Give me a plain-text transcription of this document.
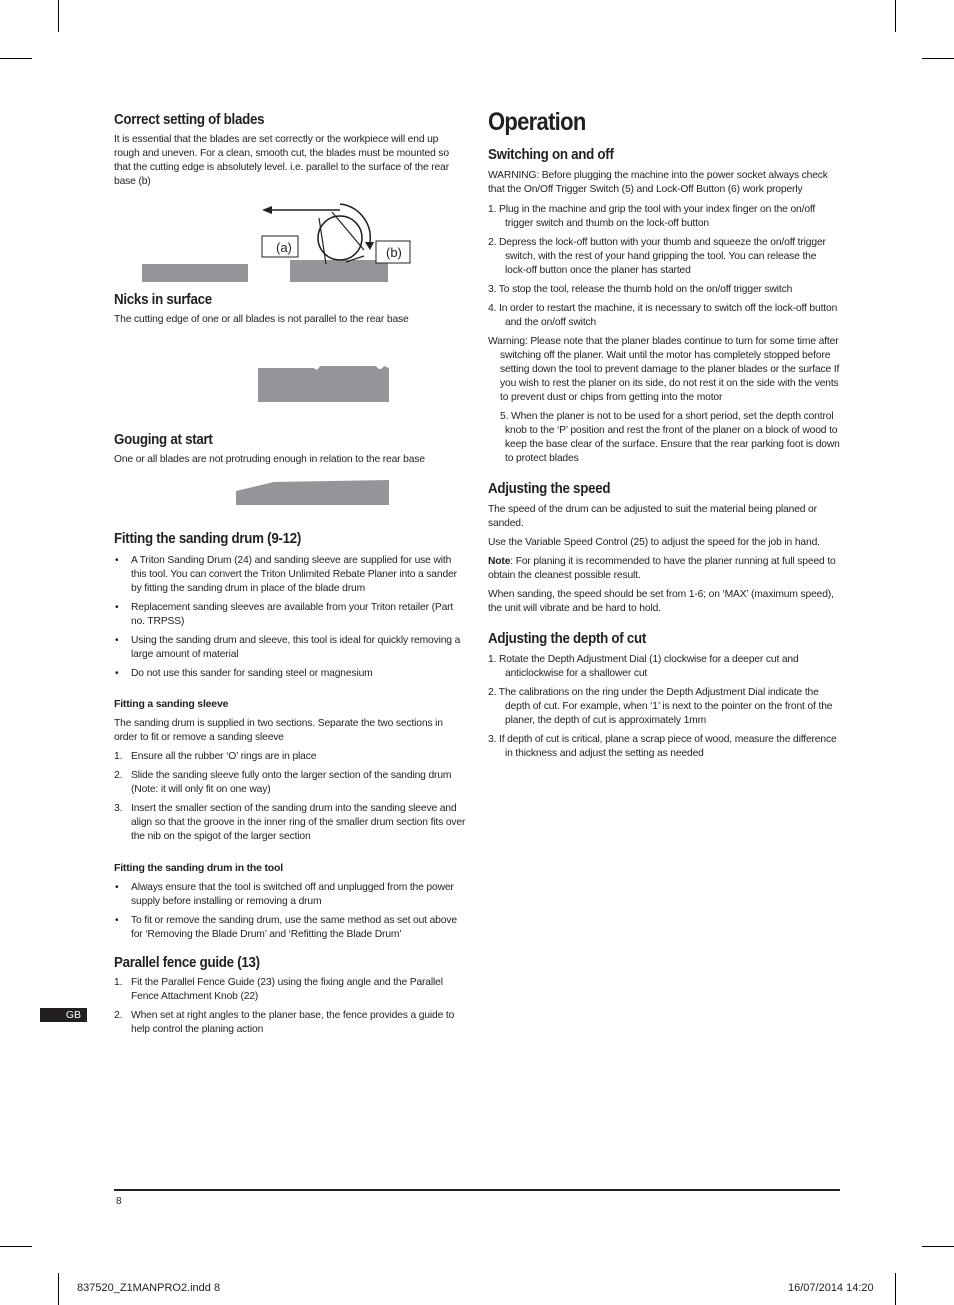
Correct setting of blades

It is essential that the blades are set correctly or the workpiece will end up rough and uneven. For a clean, smooth cut, the blades must be mounted so that the cutting edge is absolutely level. i.e. parallel to the surface of the rear base (b)

(a)	(b)
Nicks in surface

The cutting edge of one or all blades is not parallel to the rear base

Gouging at start

One or all blades are not protruding enough in relation to the rear base

Fitting the sanding drum (9-12)
• A Triton Sanding Drum (24) and sanding sleeve are supplied for use with this tool. You can convert the Triton Unlimited Rebate Planer into a sander by fitting the sanding drum in place of the blade drum
• Replacement sanding sleeves are available from your Triton retailer (Part no. TRPSS)
• Using the sanding drum and sleeve, this tool is ideal for quickly removing a large amount of material
• Do not use this sander for sanding steel or magnesium
Fitting a sanding sleeve

The sanding drum is supplied in two sections. Separate the two sections in order to fit or remove a sanding sleeve

1. Ensure all the rubber ‘O’ rings are in place
2. Slide the sanding sleeve fully onto the larger section of the sanding drum (Note: it will only fit on one way)
3. Insert the smaller section of the sanding drum into the sanding sleeve and align so that the groove in the inner ring of the smaller drum section fits over the nib on the spigot of the larger section
Fitting the sanding drum in the tool
• Always ensure that the tool is switched off and unplugged from the power supply before installing or removing a drum
• To fit or remove the sanding drum, use the same method as set out above for ‘Removing the Blade Drum’ and ‘Refitting the Blade Drum’
Parallel fence guide (13)
1. Fit the Parallel Fence Guide (23) using the fixing angle and the Parallel Fence Attachment Knob (22)
2. When set at right angles to the planer base, the fence provides a guide to help control the planing action
Operation
Switching on and off

WARNING: Before plugging the machine into the power socket always check that the On/Off Trigger Switch (5) and Lock-Off Button (6) work properly

1. Plug in the machine and grip the tool with your index finger on the on/off trigger switch and thumb on the lock-off button

2. Depress the lock-off button with your thumb and squeeze the on/off trigger switch, with the rest of your hand gripping the tool. You can release the lock-off button once the planer has started

3. To stop the tool, release the thumb hold on the on/off trigger switch

4. In order to restart the machine, it is necessary to switch off the lock-off button and the on/off switch

Warning: Please note that the planer blades continue to turn for some time after switching off the planer. Wait until the motor has completely stopped before setting down the tool to prevent damage to the planer blades or the surface If you wish to rest the planer on its side, do not rest it on the side with the vents to prevent dust or chips from getting into the motor

5. When the planer is not to be used for a short period, set the depth control knob to the ‘P’ position and rest the front of the planer on a block of wood to keep the base clear of the surface. Ensure that the rear parking foot is down to protect blades

Adjusting the speed

The speed of the drum can be adjusted to suit the material being planed or sanded.

Use the Variable Speed Control (25) to adjust the speed for the job in hand.

Note: For planing it is recommended to have the planer running at full speed to obtain the cleanest possible result.

When sanding, the speed should be set from 1-6; on ‘MAX’ (maximum speed), the unit will vibrate and be hard to hold.

Adjusting the depth of cut

1. Rotate the Depth Adjustment Dial (1) clockwise for a deeper cut and anticlockwise for a shallower cut

2. The calibrations on the ring under the Depth Adjustment Dial indicate the depth of cut. For example, when ‘1’ is next to the pointer on the front of the planer, the depth of cut is approximately 1mm

3. If depth of cut is critical, plane a scrap piece of wood, measure the difference in thickness and adjust the setting as needed

GB
8
837520_Z1MANPRO2.indd 8	16/07/2014 14:20
